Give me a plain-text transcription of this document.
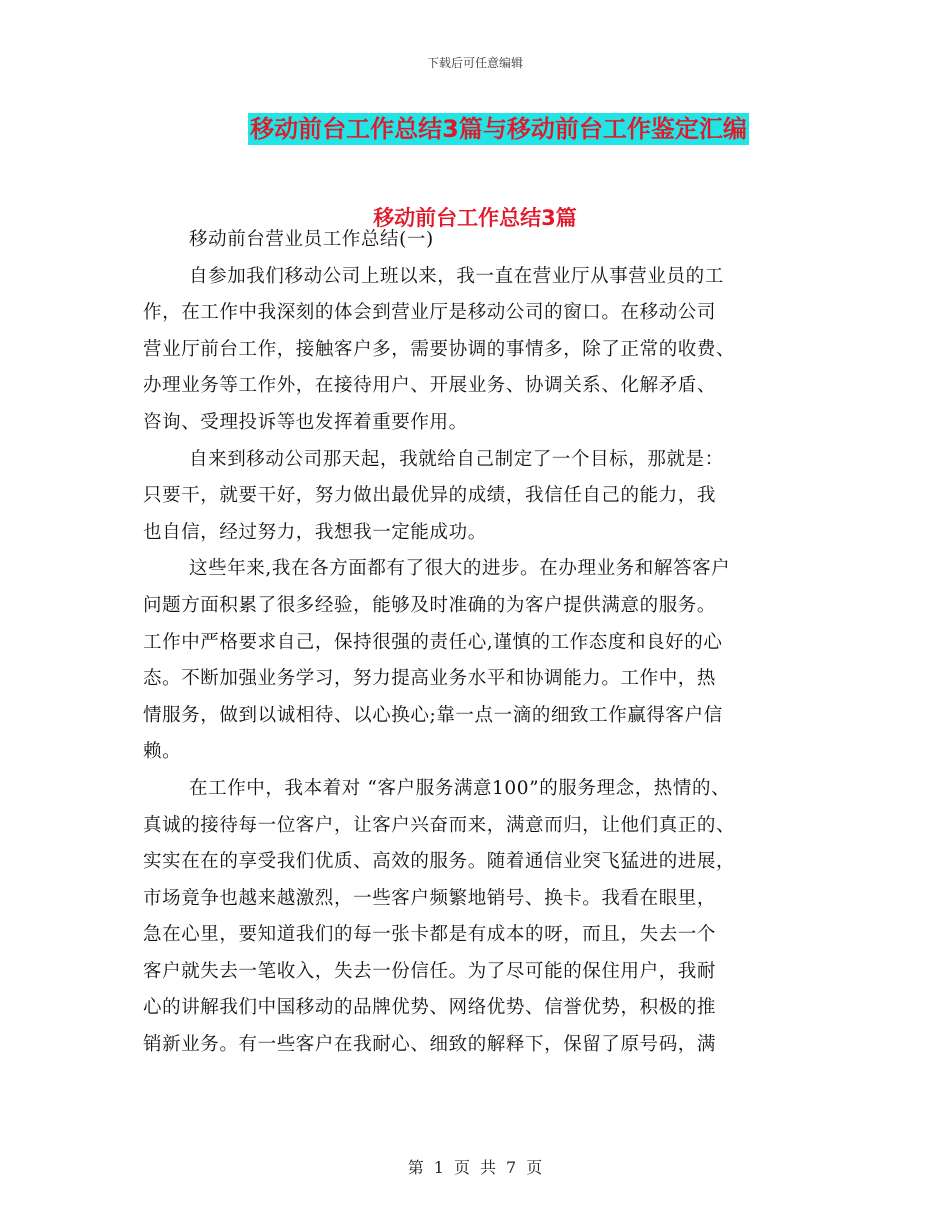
下载后可任意编辑
移动前台工作总结3篇与移动前台工作鉴定汇编
移动前台工作总结3篇
移动前台营业员工作总结(一)
自参加我们移动公司上班以来，我一直在营业厅从事营业员的工
作，在工作中我深刻的体会到营业厅是移动公司的窗口。在移动公司
营业厅前台工作，接触客户多，需要协调的事情多，除了正常的收费、
办理业务等工作外，在接待用户、开展业务、协调关系、化解矛盾、
咨询、受理投诉等也发挥着重要作用。
自来到移动公司那天起，我就给自己制定了一个目标，那就是：
只要干，就要干好，努力做出最优异的成绩，我信任自己的能力，我
也自信，经过努力，我想我一定能成功。
这些年来,我在各方面都有了很大的进步。在办理业务和解答客户
问题方面积累了很多经验，能够及时准确的为客户提供满意的服务。
工作中严格要求自己，保持很强的责任心,谨慎的工作态度和良好的心
态。不断加强业务学习，努力提高业务水平和协调能力。工作中，热
情服务，做到以诚相待、以心换心;靠一点一滴的细致工作赢得客户信
赖。
在工作中，我本着对 “客户服务满意100”的服务理念，热情的、
真诚的接待每一位客户，让客户兴奋而来，满意而归，让他们真正的、
实实在在的享受我们优质、高效的服务。随着通信业突飞猛进的进展，
市场竟争也越来越激烈，一些客户频繁地销号、换卡。我看在眼里，
急在心里，要知道我们的每一张卡都是有成本的呀，而且，失去一个
客户就失去一笔收入，失去一份信任。为了尽可能的保住用户，我耐
心的讲解我们中国移动的品牌优势、网络优势、信誉优势，积极的推
销新业务。有一些客户在我耐心、细致的解释下，保留了原号码，满
第 1 页 共 7 页
